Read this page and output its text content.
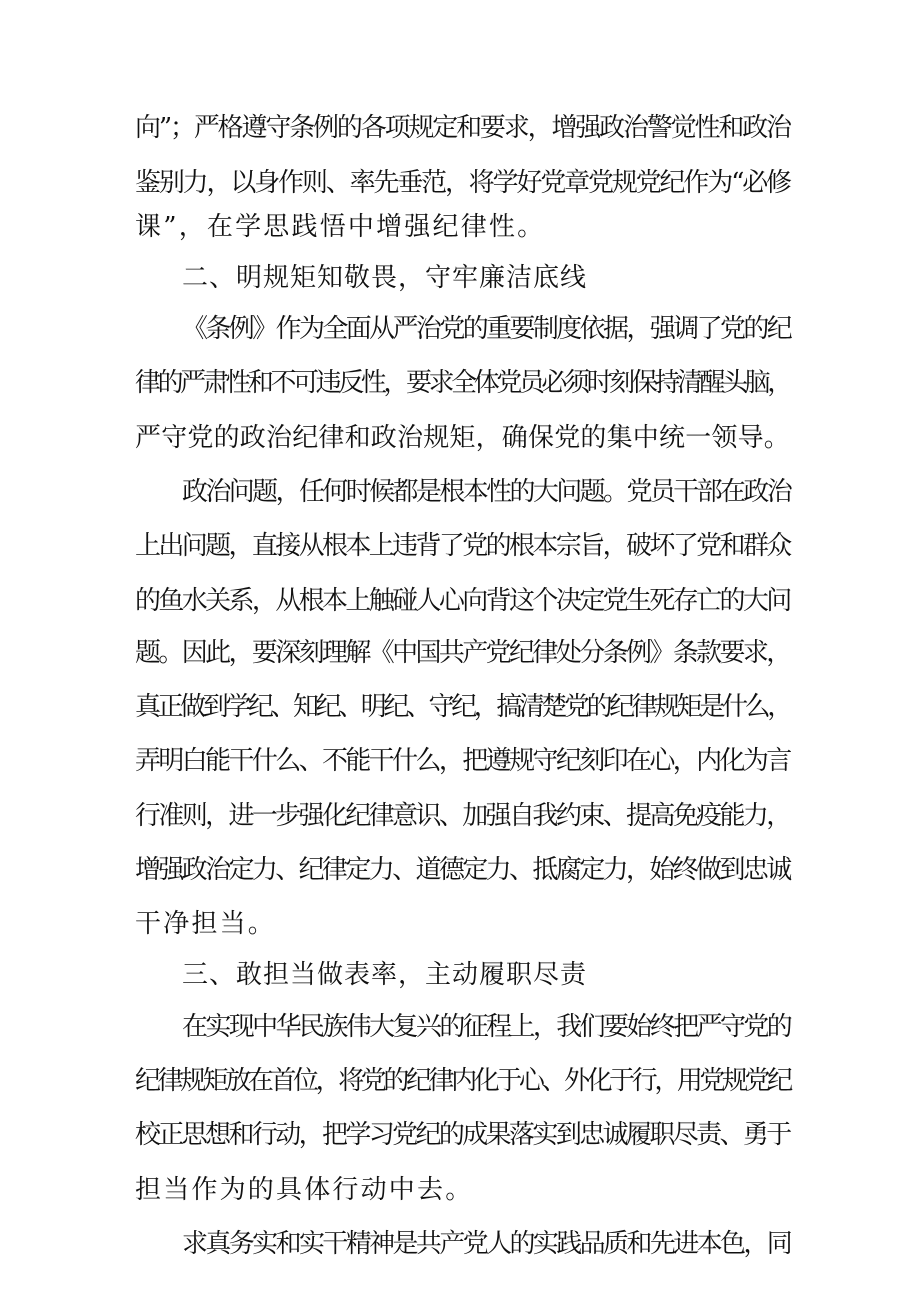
向”；严格遵守条例的各项规定和要求，增强政治警觉性和政治
鉴别力，以身作则、率先垂范，将学好党章党规党纪作为“必修
课”，在学思践悟中增强纪律性。
二、明规矩知敬畏，守牢廉洁底线
《条例》作为全面从严治党的重要制度依据，强调了党的纪
律的严肃性和不可违反性，要求全体党员必须时刻保持清醒头脑，
严守党的政治纪律和政治规矩，确保党的集中统一领导。
政治问题，任何时候都是根本性的大问题。党员干部在政治
上出问题，直接从根本上违背了党的根本宗旨，破坏了党和群众
的鱼水关系，从根本上触碰人心向背这个决定党生死存亡的大问
题。因此，要深刻理解《中国共产党纪律处分条例》条款要求，
真正做到学纪、知纪、明纪、守纪，搞清楚党的纪律规矩是什么，
弄明白能干什么、不能干什么，把遵规守纪刻印在心，内化为言
行准则，进一步强化纪律意识、加强自我约束、提高免疫能力，
增强政治定力、纪律定力、道德定力、抵腐定力，始终做到忠诚
干净担当。
三、敢担当做表率，主动履职尽责
在实现中华民族伟大复兴的征程上，我们要始终把严守党的
纪律规矩放在首位，将党的纪律内化于心、外化于行，用党规党纪
校正思想和行动，把学习党纪的成果落实到忠诚履职尽责、勇于
担当作为的具体行动中去。
求真务实和实干精神是共产党人的实践品质和先进本色，同
